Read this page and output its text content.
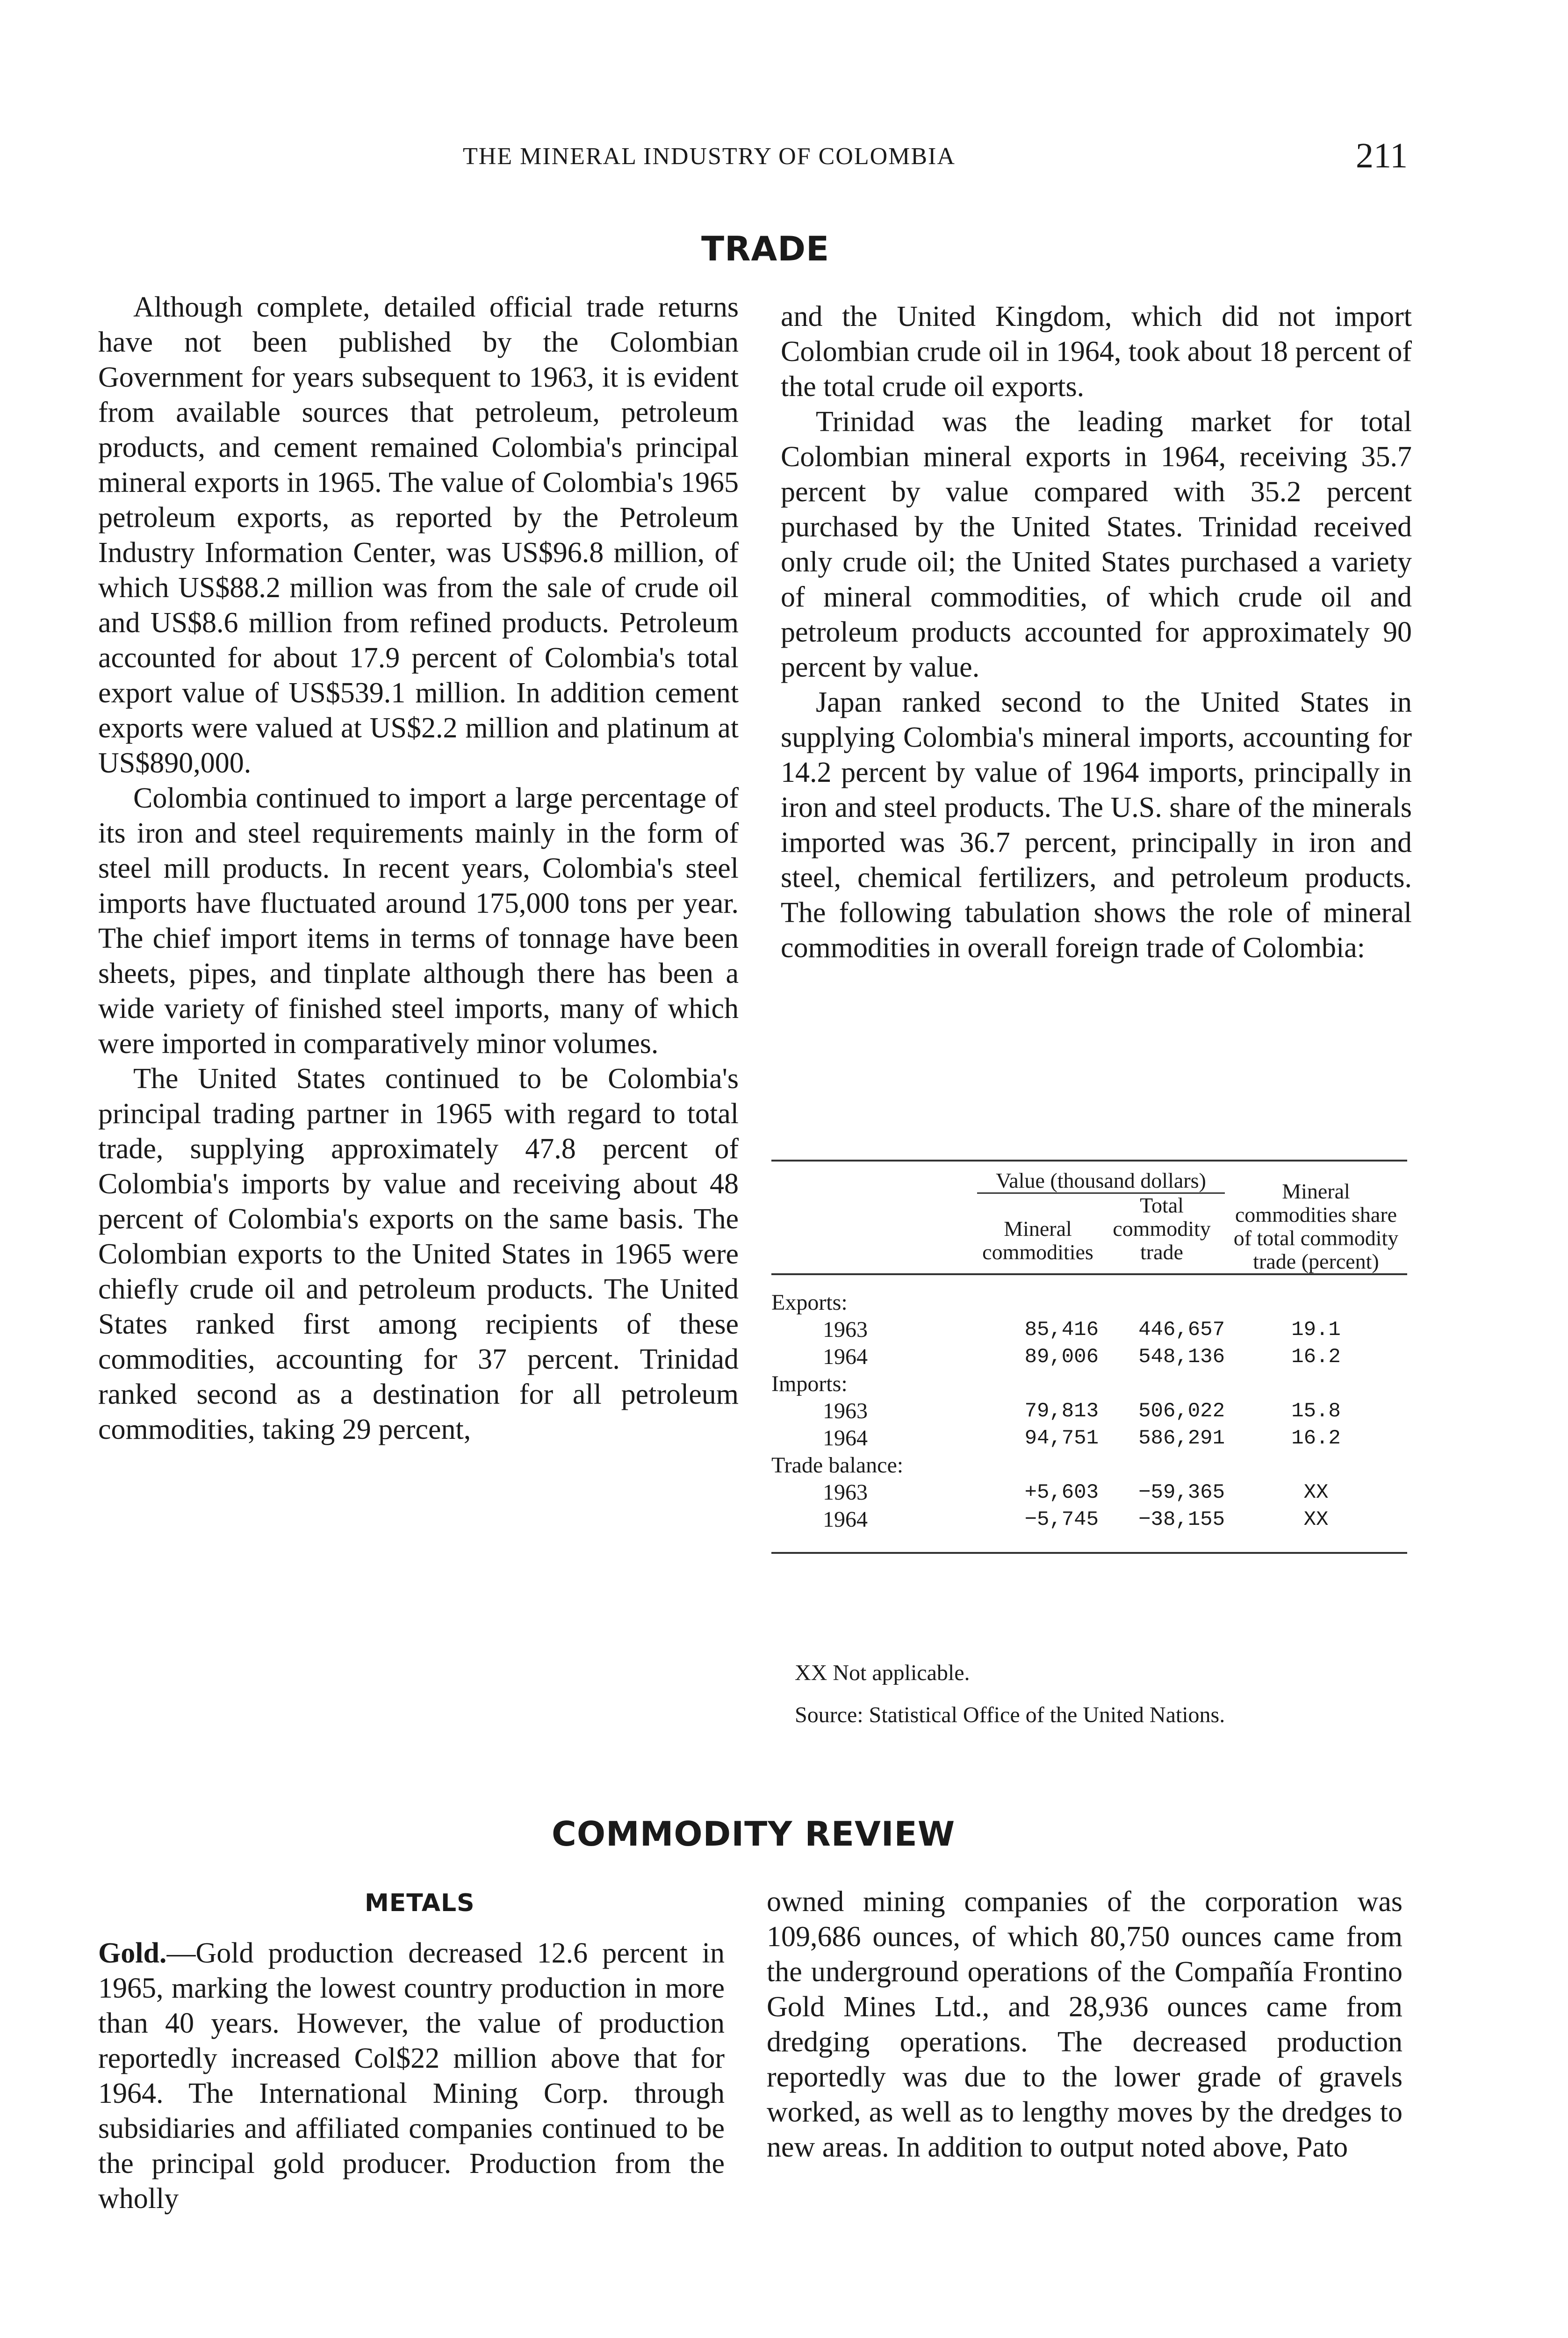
THE MINERAL INDUSTRY OF COLOMBIA	211
TRADE

Although complete, detailed official trade returns have not been published by the Colombian Government for years subsequent to 1963, it is evident from available sources that petroleum, petroleum products, and cement remained Colombia's principal mineral exports in 1965. The value of Colombia's 1965 petroleum exports, as reported by the Petroleum Industry Information Center, was US$96.8 million, of which US$88.2 million was from the sale of crude oil and US$8.6 million from refined products. Petroleum accounted for about 17.9 percent of Colombia's total export value of US$539.1 million. In addition cement exports were valued at US$2.2 million and platinum at US$890,000.

Colombia continued to import a large percentage of its iron and steel requirements mainly in the form of steel mill products. In recent years, Colombia's steel imports have fluctuated around 175,000 tons per year. The chief import items in terms of tonnage have been sheets, pipes, and tinplate although there has been a wide variety of finished steel imports, many of which were imported in comparatively minor volumes.

The United States continued to be Colombia's principal trading partner in 1965 with regard to total trade, supplying approximately 47.8 percent of Colombia's imports by value and receiving about 48 percent of Colombia's exports on the same basis. The Colombian exports to the United States in 1965 were chiefly crude oil and petroleum products. The United States ranked first among recipients of these commodities, accounting for 37 percent. Trinidad ranked second as a destination for all petroleum commodities, taking 29 percent,

and the United Kingdom, which did not import Colombian crude oil in 1964, took about 18 percent of the total crude oil exports.

Trinidad was the leading market for total Colombian mineral exports in 1964, receiving 35.7 percent by value compared with 35.2 percent purchased by the United States. Trinidad received only crude oil; the United States purchased a variety of mineral commodities, of which crude oil and petroleum products accounted for approximately 90 percent by value.

Japan ranked second to the United States in supplying Colombia's mineral imports, accounting for 14.2 percent by value of 1964 imports, principally in iron and steel products. The U.S. share of the minerals imported was 36.7 percent, principally in iron and steel, chemical fertilizers, and petroleum products. The following tabulation shows the role of mineral commodities in overall foreign trade of Colombia:

	Value (thousand dollars)		Mineral commodities share of total commodity trade (percent)
	Mineral commodities	Total commodity trade	

Exports:			
1963	85,416	446,657	19.1
1964	89,006	548,136	16.2
Imports:			
1963	79,813	506,022	15.8
1964	94,751	586,291	16.2
Trade balance:			
1963	+5,603	−59,365	XX
1964	−5,745	−38,155	XX

XX Not applicable.
Source: Statistical Office of the United Nations.
COMMODITY REVIEW
METALS

Gold.—Gold production decreased 12.6 percent in 1965, marking the lowest country production in more than 40 years. However, the value of production reportedly increased Col$22 million above that for 1964. The International Mining Corp. through subsidiaries and affiliated companies continued to be the principal gold producer. Production from the wholly

owned mining companies of the corporation was 109,686 ounces, of which 80,750 ounces came from the underground operations of the Compañía Frontino Gold Mines Ltd., and 28,936 ounces came from dredging operations. The decreased production reportedly was due to the lower grade of gravels worked, as well as to lengthy moves by the dredges to new areas. In addition to output noted above, Pato
